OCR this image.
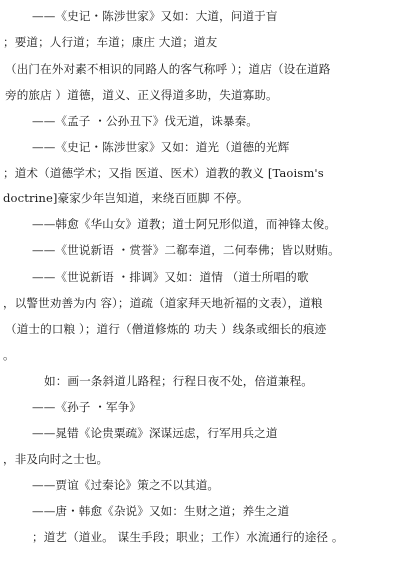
——《史记・陈涉世家》又如：大道，问道于盲
；要道；人行道；车道；康庄 大道；道友
（出门在外对素不相识的同路人的客气称呼 ）；道店（设在道路
旁的旅店 ）道德，道义、正义得道多助，失道寡助。
——《孟子 ・公孙丑下》伐无道，诛暴秦。
——《史记・陈涉世家》又如：道光（道德的光辉
；道术（道德学术；又指 医道、医术）道教的教义 [Taoism's
doctrine]豪家少年岂知道，来绕百匝脚 不停。
——韩愈《华山女》道教；道士阿兄形似道，而神锋太俊。
——《世说新语 ・赏誉》二郗奉道，二何奉佛；皆以财贿。
——《世说新语 ・排调》又如：道情 （道士所唱的歌
，以警世劝善为内 容）；道疏（道家拜天地祈福的文表），道粮
（道士的口粮 ）；道行（僧道修炼的 功夫 ）线条或细长的痕迹
。
如：画一条斜道儿路程；行程日夜不处，倍道兼程。
——《孙子 ・军争》
——晁错《论贵粟疏》深谋远虑，行军用兵之道
，非及向时之士也。
——贾谊《过秦论》策之不以其道。
——唐・韩愈《杂说》又如：生财之道；养生之道
；道艺（道业。 谋生手段；职业；工作）水流通行的途径 。
